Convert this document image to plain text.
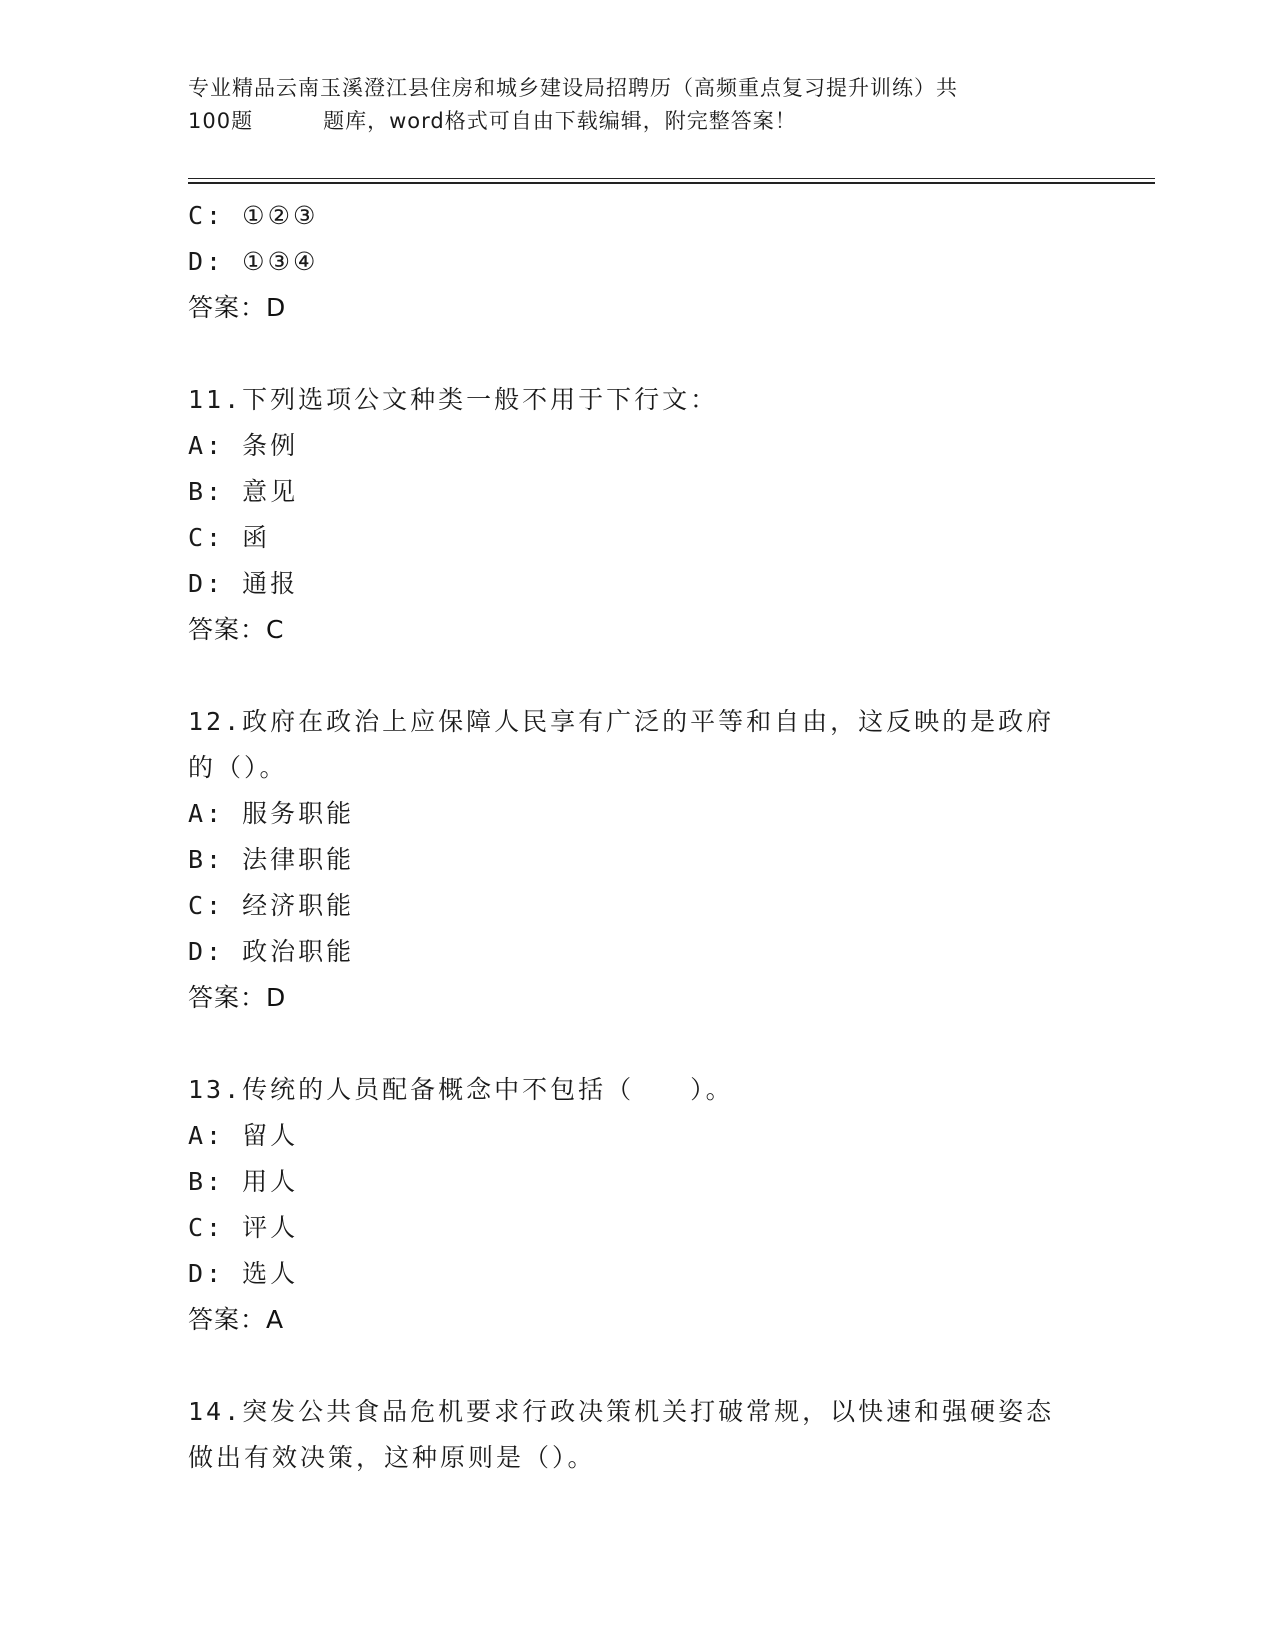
专业精品云南玉溪澄江县住房和城乡建设局招聘历（高频重点复习提升训练）共
100题	题库，word格式可自由下载编辑，附完整答案！
C: ①②③
D: ①③④
答案：D
11.下列选项公文种类一般不用于下行文：
A: 条例
B: 意见
C: 函
D: 通报
答案：C
12.政府在政治上应保障人民享有广泛的平等和自由，这反映的是政府的（）。
A: 服务职能
B: 法律职能
C: 经济职能
D: 政治职能
答案：D
13.传统的人员配备概念中不包括（　　）。
A: 留人
B: 用人
C: 评人
D: 选人
答案：A
14.突发公共食品危机要求行政决策机关打破常规，以快速和强硬姿态做出有效决策，这种原则是（）。
